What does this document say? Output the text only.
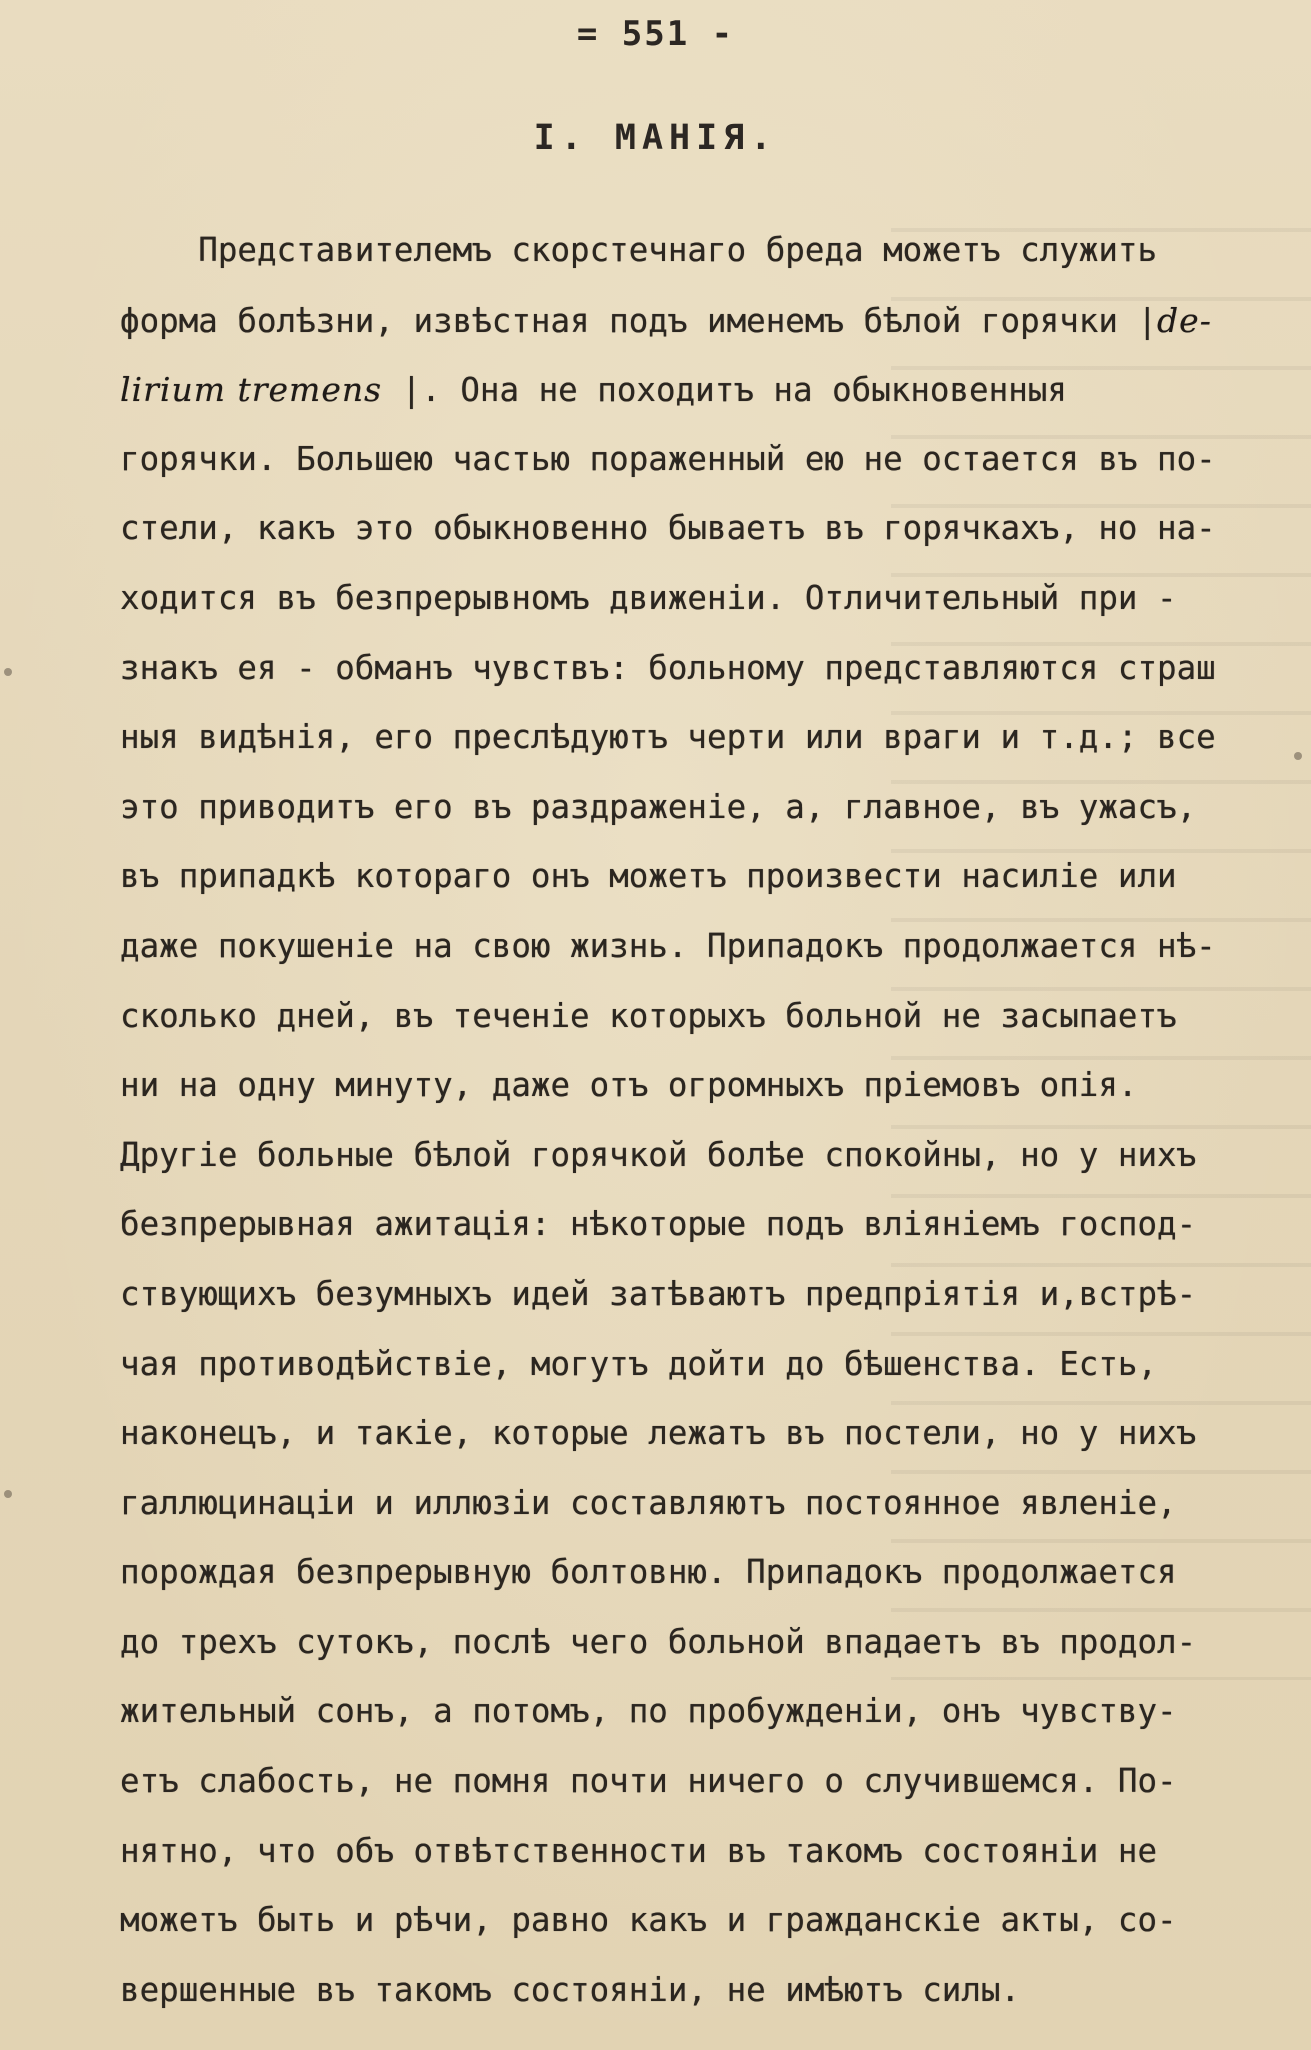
= 551 -
I. МАНІЯ.
Представителемъ скорстечнаго бреда можетъ служить
форма болѣзни, извѣстная подъ именемъ бѣлой горячки |de-
lirium tremens |. Она не походитъ на обыкновенныя
горячки. Большею частью пораженный ею не остается въ по-
стели, какъ это обыкновенно бываетъ въ горячкахъ, но на-
ходится въ безпрерывномъ движеніи. Отличительный при -
знакъ ея - обманъ чувствъ: больному представляются страш
ныя видѣнія, его преслѣдуютъ черти или враги и т.д.; все
это приводитъ его въ раздраженіе, а, главное, въ ужасъ,
въ припадкѣ котораго онъ можетъ произвести насиліе или
даже покушеніе на свою жизнь. Припадокъ продолжается нѣ-
сколько дней, въ теченіе которыхъ больной не засыпаетъ
ни на одну минуту, даже отъ огромныхъ пріемовъ опія.
Другіе больные бѣлой горячкой болѣе спокойны, но у нихъ
безпрерывная ажитація: нѣкоторые подъ вліяніемъ господ-
ствующихъ безумныхъ идей затѣваютъ предпріятія и,встрѣ-
чая противодѣйствіе, могутъ дойти до бѣшенства. Есть,
наконецъ, и такіе, которые лежатъ въ постели, но у нихъ
галлюцинаціи и иллюзіи составляютъ постоянное явленіе,
порождая безпрерывную болтовню. Припадокъ продолжается
до трехъ сутокъ, послѣ чего больной впадаетъ въ продол-
жительный сонъ, а потомъ, по пробужденіи, онъ чувству-
етъ слабость, не помня почти ничего о случившемся. По-
нятно, что объ отвѣтственности въ такомъ состояніи не
можетъ быть и рѣчи, равно какъ и гражданскіе акты, со-
вершенные въ такомъ состояніи, не имѣютъ силы.
